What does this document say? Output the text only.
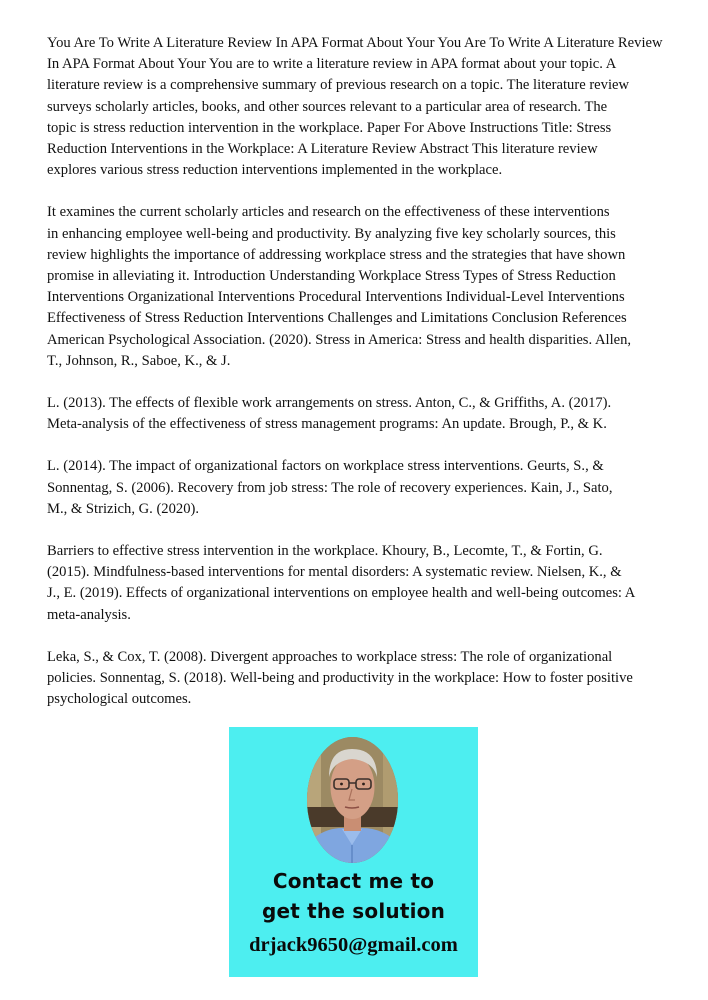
You Are To Write A Literature Review In APA Format About Your You Are To Write A Literature Review
In APA Format About Your You are to write a literature review in APA format about your topic. A
literature review is a comprehensive summary of previous research on a topic. The literature review
surveys scholarly articles, books, and other sources relevant to a particular area of research. The
topic is stress reduction intervention in the workplace. Paper For Above Instructions Title: Stress
Reduction Interventions in the Workplace: A Literature Review Abstract This literature review
explores various stress reduction interventions implemented in the workplace.

It examines the current scholarly articles and research on the effectiveness of these interventions
in enhancing employee well-being and productivity. By analyzing five key scholarly sources, this
review highlights the importance of addressing workplace stress and the strategies that have shown
promise in alleviating it. Introduction Understanding Workplace Stress Types of Stress Reduction
Interventions Organizational Interventions Procedural Interventions Individual-Level Interventions
Effectiveness of Stress Reduction Interventions Challenges and Limitations Conclusion References
American Psychological Association. (2020). Stress in America: Stress and health disparities. Allen,
T., Johnson, R., Saboe, K., & J.

L. (2013). The effects of flexible work arrangements on stress. Anton, C., & Griffiths, A. (2017).
Meta-analysis of the effectiveness of stress management programs: An update. Brough, P., & K.

L. (2014). The impact of organizational factors on workplace stress interventions. Geurts, S., &
Sonnentag, S. (2006). Recovery from job stress: The role of recovery experiences. Kain, J., Sato,
M., & Strizich, G. (2020).

Barriers to effective stress intervention in the workplace. Khoury, B., Lecomte, T., & Fortin, G.
(2015). Mindfulness-based interventions for mental disorders: A systematic review. Nielsen, K., &
J., E. (2019). Effects of organizational interventions on employee health and well-being outcomes: A
meta-analysis.

Leka, S., & Cox, T. (2008). Divergent approaches to workplace stress: The role of organizational
policies. Sonnentag, S. (2018). Well-being and productivity in the workplace: How to foster positive
psychological outcomes.

Contact me to
get the solution
drjack9650@gmail.com
